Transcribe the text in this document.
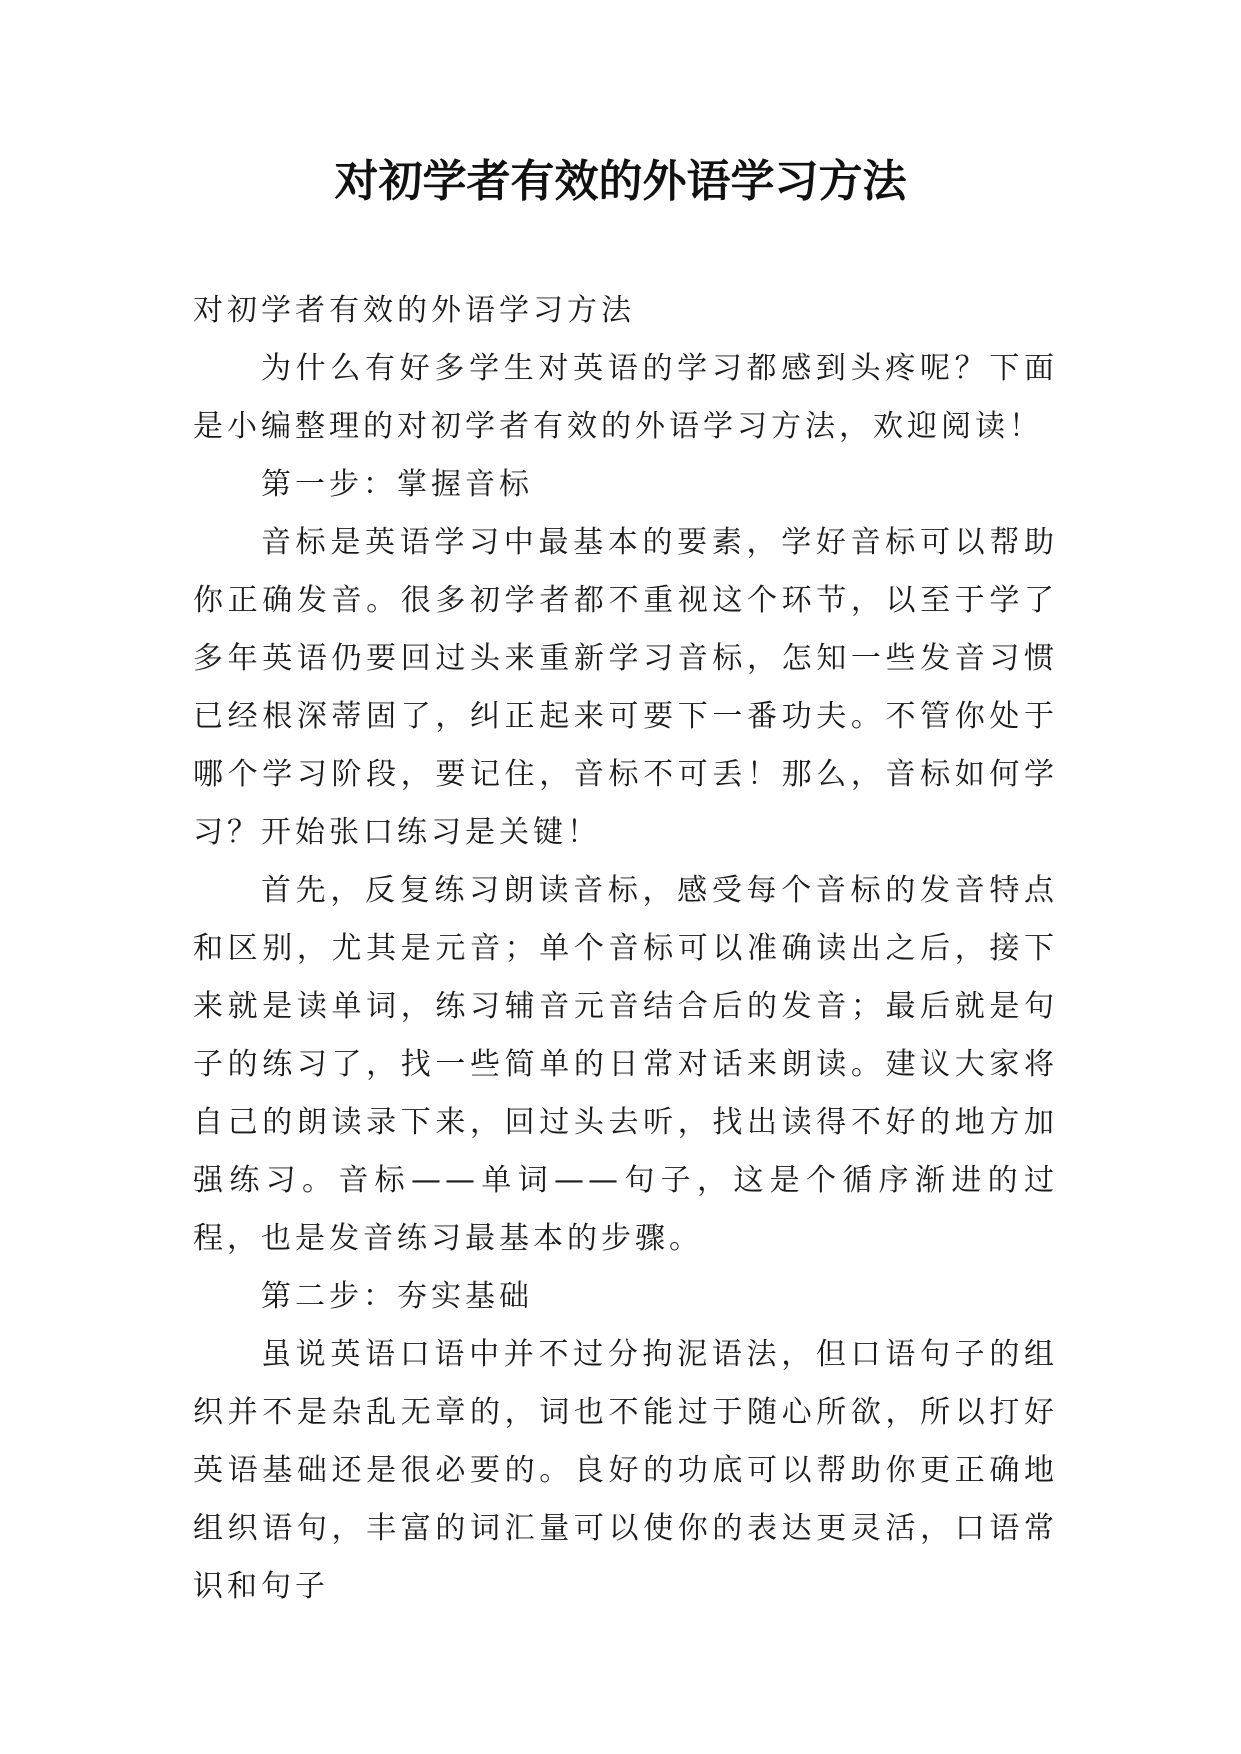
对初学者有效的外语学习方法

对初学者有效的外语学习方法

为什么有好多学生对英语的学习都感到头疼呢？下面是小编整理的对初学者有效的外语学习方法，欢迎阅读！

第一步：掌握音标

音标是英语学习中最基本的要素，学好音标可以帮助你正确发音。很多初学者都不重视这个环节，以至于学了多年英语仍要回过头来重新学习音标，怎知一些发音习惯已经根深蒂固了，纠正起来可要下一番功夫。不管你处于哪个学习阶段，要记住，音标不可丢！那么，音标如何学习？开始张口练习是关键！

首先，反复练习朗读音标，感受每个音标的发音特点和区别，尤其是元音；单个音标可以准确读出之后，接下来就是读单词，练习辅音元音结合后的发音；最后就是句子的练习了，找一些简单的日常对话来朗读。建议大家将自己的朗读录下来，回过头去听，找出读得不好的地方加强练习。音标——单词——句子，这是个循序渐进的过程，也是发音练习最基本的步骤。

第二步：夯实基础

虽说英语口语中并不过分拘泥语法，但口语句子的组织并不是杂乱无章的，词也不能过于随心所欲，所以打好英语基础还是很必要的。良好的功底可以帮助你更正确地组织语句，丰富的词汇量可以使你的表达更灵活，口语常识和句子
